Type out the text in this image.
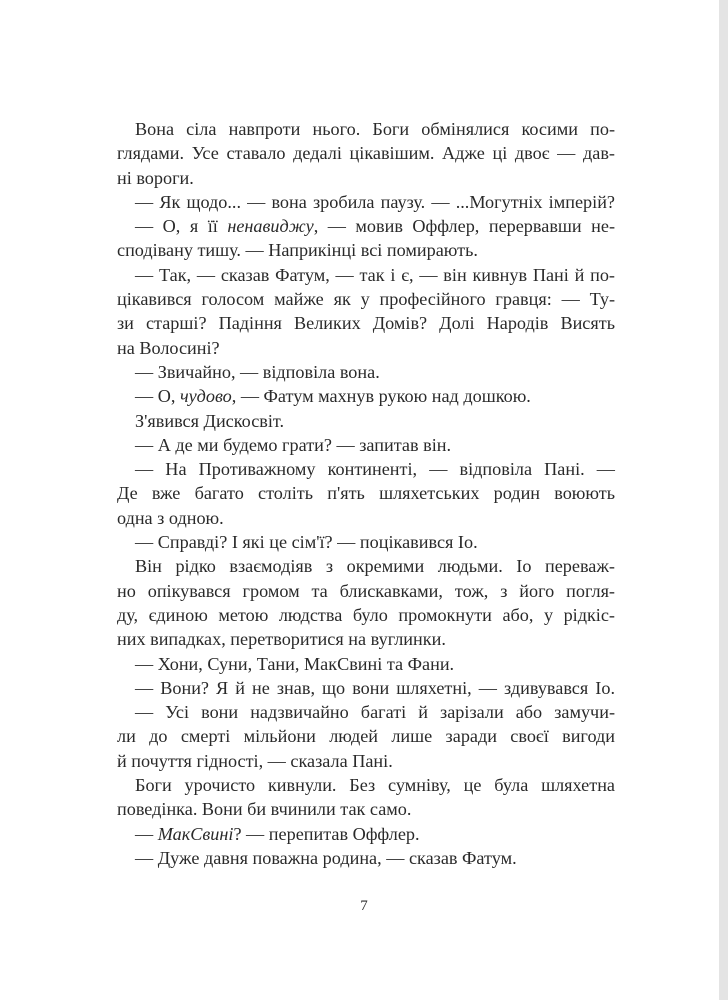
Вона сіла навпроти нього. Боги обмінялися косими по-
глядами. Усе ставало дедалі цікавішим. Адже ці двоє — дав-
ні вороги.
— Як щодо... — вона зробила паузу. — ...Могутніх імперій?
— О, я її ненавиджу, — мовив Оффлер, перервавши не-
сподівану тишу. — Наприкінці всі помирають.
— Так, — сказав Фатум, — так і є, — він кивнув Пані й по-
цікавився голосом майже як у професійного гравця: — Ту-
зи старші? Падіння Великих Домів? Долі Народів Висять
на Волосині?
— Звичайно, — відповіла вона.
— О, чудово, — Фатум махнув рукою над дошкою.
З'явився Дискосвіт.
— А де ми будемо грати? — запитав він.
— На Противажному континенті, — відповіла Пані. —
Де вже багато століть п'ять шляхетських родин воюють
одна з одною.
— Справді? І які це сім'ї? — поцікавився Іо.
Він рідко взаємодіяв з окремими людьми. Іо переваж-
но опікувався громом та блискавками, тож, з його погля-
ду, єдиною метою людства було промокнути або, у рідкіс-
них випадках, перетворитися на вуглинки.
— Хони, Суни, Тани, МакСвині та Фани.
— Вони? Я й не знав, що вони шляхетні, — здивувався Іо.
— Усі вони надзвичайно багаті й зарізали або замучи-
ли до смерті мільйони людей лише заради своєї вигоди
й почуття гідності, — сказала Пані.
Боги урочисто кивнули. Без сумніву, це була шляхетна
поведінка. Вони би вчинили так само.
— МакСвині? — перепитав Оффлер.
— Дуже давня поважна родина, — сказав Фатум.
7
